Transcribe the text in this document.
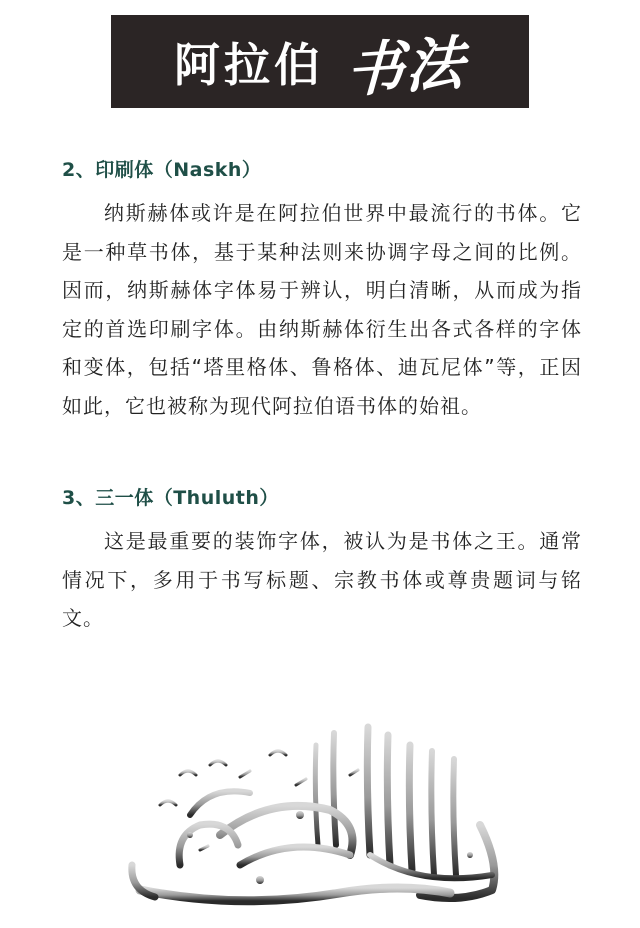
阿拉伯 书法

2、印刷体（Naskh）

纳斯赫体或许是在阿拉伯世界中最流行的书体。它是一种草书体，基于某种法则来协调字母之间的比例。因而，纳斯赫体字体易于辨认，明白清晰，从而成为指定的首选印刷字体。由纳斯赫体衍生出各式各样的字体和变体，包括“塔里格体、鲁格体、迪瓦尼体”等，正因如此，它也被称为现代阿拉伯语书体的始祖。

3、三一体（Thuluth）

这是最重要的装饰字体，被认为是书体之王。通常情况下，多用于书写标题、宗教书体或尊贵题词与铭文。
